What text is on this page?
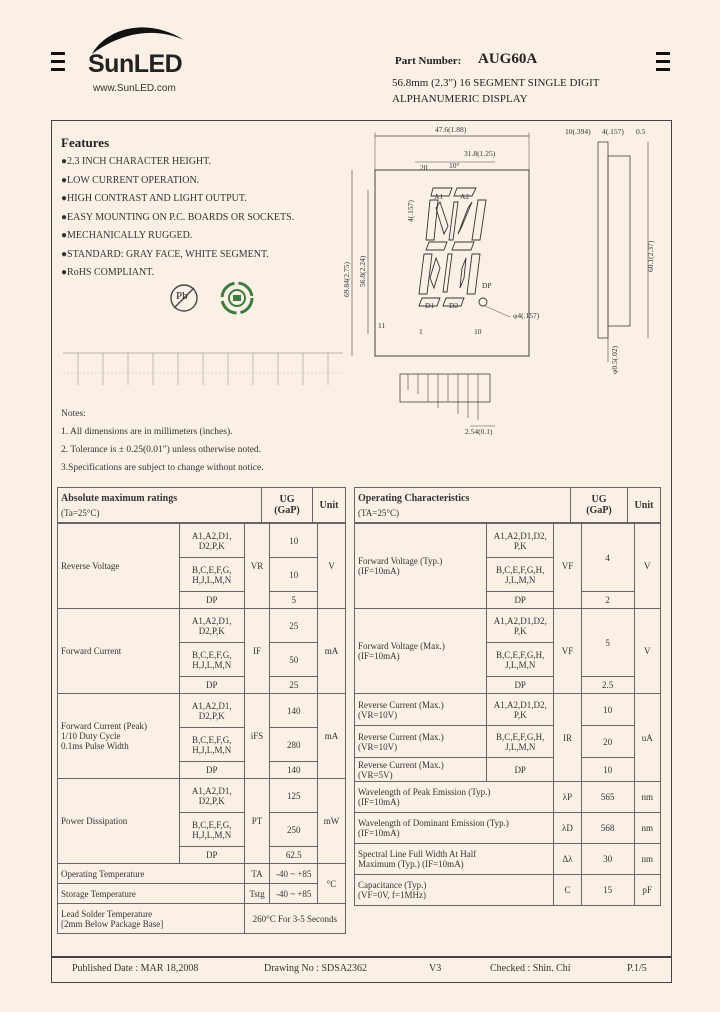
SunLED
www.SunLED.com
Part Number: AUG60A
56.8mm (2.3") 16 SEGMENT SINGLE DIGIT
ALPHANUMERIC DISPLAY
Features
●2.3 INCH CHARACTER HEIGHT.
●LOW CURRENT OPERATION.
●HIGH CONTRAST AND LIGHT OUTPUT.
●EASY MOUNTING ON P.C. BOARDS OR SOCKETS.
●MECHANICALLY RUGGED.
●STANDARD: GRAY FACE, WHITE SEGMENT.
●RoHS COMPLIANT.
Pb
47.6(1.88)
31.8(1.25)
20	10°
69.84(2.75) 56.8(2.24)
4(.157)
A1 A2
D1 D2
DP
φ4(.157)
1	10
11
10(.394) 4(.157) 0.5
60.1(2.37)
φ0.5(.02)
2.54(0.1)
Notes:
1. All dimensions are in millimeters (inches).
2. Tolerance is ± 0.25(0.01") unless otherwise noted.
3.Specifications are subject to change without notice.
Absolute maximum ratings
(Ta=25°C)

UG
(GaP)	Unit
Reverse Voltage	A1,A2,D1,
D2,P,K	VR	10	V
	B,C,E,F,G,
H,J,L,M,N		10	
	DP		5	
Forward Current	A1,A2,D1,
D2,P,K	IF	25	mA
	B,C,E,F,G,
H,J,L,M,N		50	
	DP		25	
Forward Current (Peak)
1/10 Duty Cycle
0.1ms Pulse Width	A1,A2,D1,
D2,P,K	iFS	140	mA
	B,C,E,F,G,
H,J,L,M,N		280	
	DP		140	
Power Dissipation	A1,A2,D1,
D2,P,K	PT	125	mW
	B,C,E,F,G,
H,J,L,M,N		250	
	DP		62.5	
Operating Temperature		TA	-40 ~ +85	°C
Storage Temperature		Tstg	-40 ~ +85	

Lead Solder Temperature
[2mm Below Package Base]		260°C For 3-5 Seconds		
Operating Characteristics
(TA=25°C)

UG
(GaP)	Unit
Forward Voltage (Typ.)
(IF=10mA)	A1,A2,D1,D2,
P,K	VF	4	V
	B,C,E,F,G,H,
J,L,M,N			
	DP		2	
Forward Voltage (Max.)
(IF=10mA)	A1,A2,D1,D2,
P,K	VF	5	V
	B,C,E,F,G,H,
J,L,M,N			
	DP		2.5	
Reverse Current (Max.)
(VR=10V)	A1,A2,D1,D2,
P,K	IR	10	uA
Reverse Current (Max.)
(VR=10V)	B,C,E,F,G,H,
J,L,M,N		20	
Reverse Current (Max.)
(VR=5V)	DP		10	
Wavelength of Peak Emission (Typ.)
(IF=10mA)		λP	565	nm
Wavelength of Dominant Emission (Typ.)
(IF=10mA)		λD	568	nm
Spectral Line Full Width At Half
Maximum (Typ.) (IF=10mA)		Δλ	30	nm
Capacitance (Typ.)
(VF=0V, f=1MHz)		C	15	pF
Published Date : MAR 18,2008	Drawing No : SDSA2362	V3	Checked : Shin. Chi	P.1/5
